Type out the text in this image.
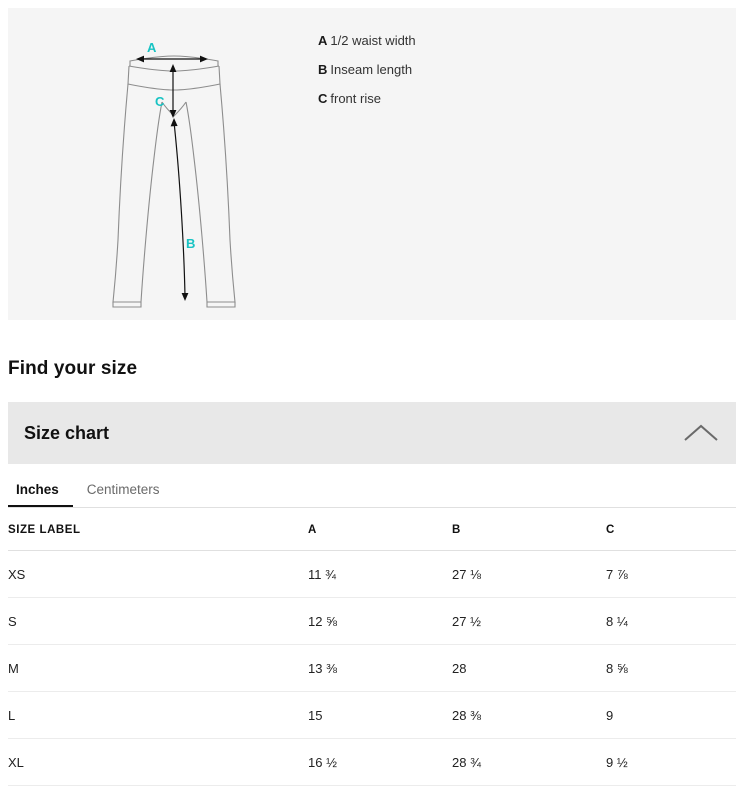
A
C
B
A 1/2 waist width
B Inseam length
C front rise
Find your size
Size chart
Inches	Centimeters
SIZE LABEL	A	B	C
XS	11 ¾	27 ⅛	7 ⅞
S	12 ⅝	27 ½	8 ¼
M	13 ⅜	28	8 ⅝
L	15	28 ⅜	9
XL	16 ½	28 ¾	9 ½
